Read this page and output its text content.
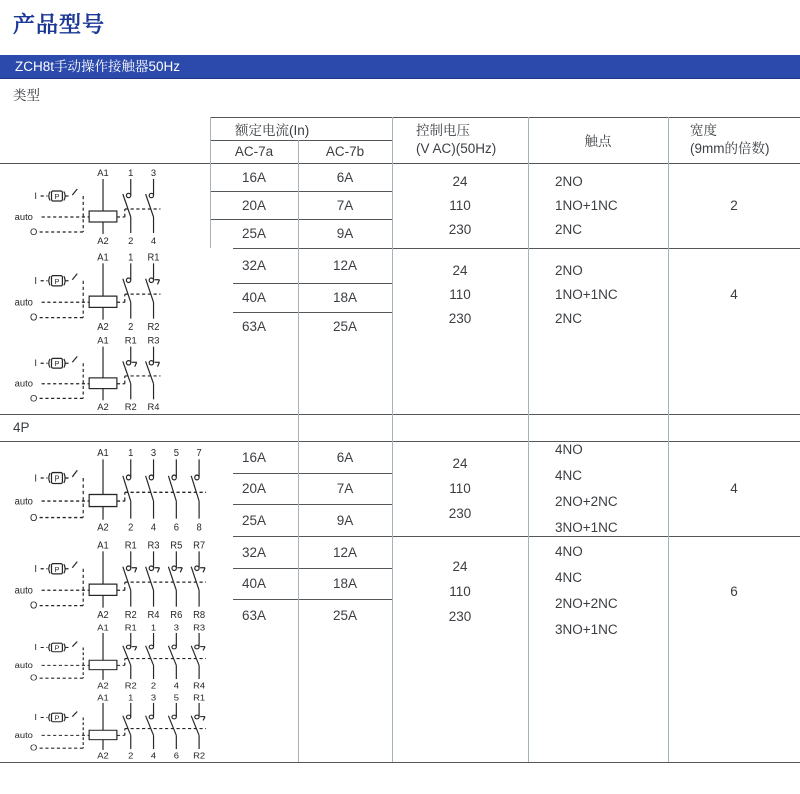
产品型号
ZCH8t手动操作接触器50Hz
类型
额定电流(In)
AC-7a	AC-7b
控制电压
(V AC)(50Hz)	触点
宽度
(9mm的倍数)
16A
20A
25A
6A
7A
9A
24
110
230
2NO
1NO+1NC
2NC
2
32A
40A
63A
12A
18A
25A
24
110
230
2NO
1NO+1NC
2NC
4
4P
16A
20A
25A
6A
7A
9A
24
110
230
4NO
4NC
2NO+2NC
3NO+1NC
4
32A
40A
63A
12A
18A
25A
24
110
230
4NO
4NC
2NO+2NC
3NO+1NC
6
A1
A2
I P
auto
O
1
2
3
4
A1
A2
I P
auto
O
1
2
R1
R2
A1
A2
I P
auto
O
R1
R2
R3
R4
A1
A2
I P
auto
O
1
2
3
4
5
6
7
8
A1
A2
I P
auto
O
R1
R2
R3
R4
R5
R6
R7
R8
A1
A2
I P
auto
O
R1
R2
1
2
3
4
R3
R4
A1
A2
I P
auto
O
1
2
3
4
5
6
R1
R2
